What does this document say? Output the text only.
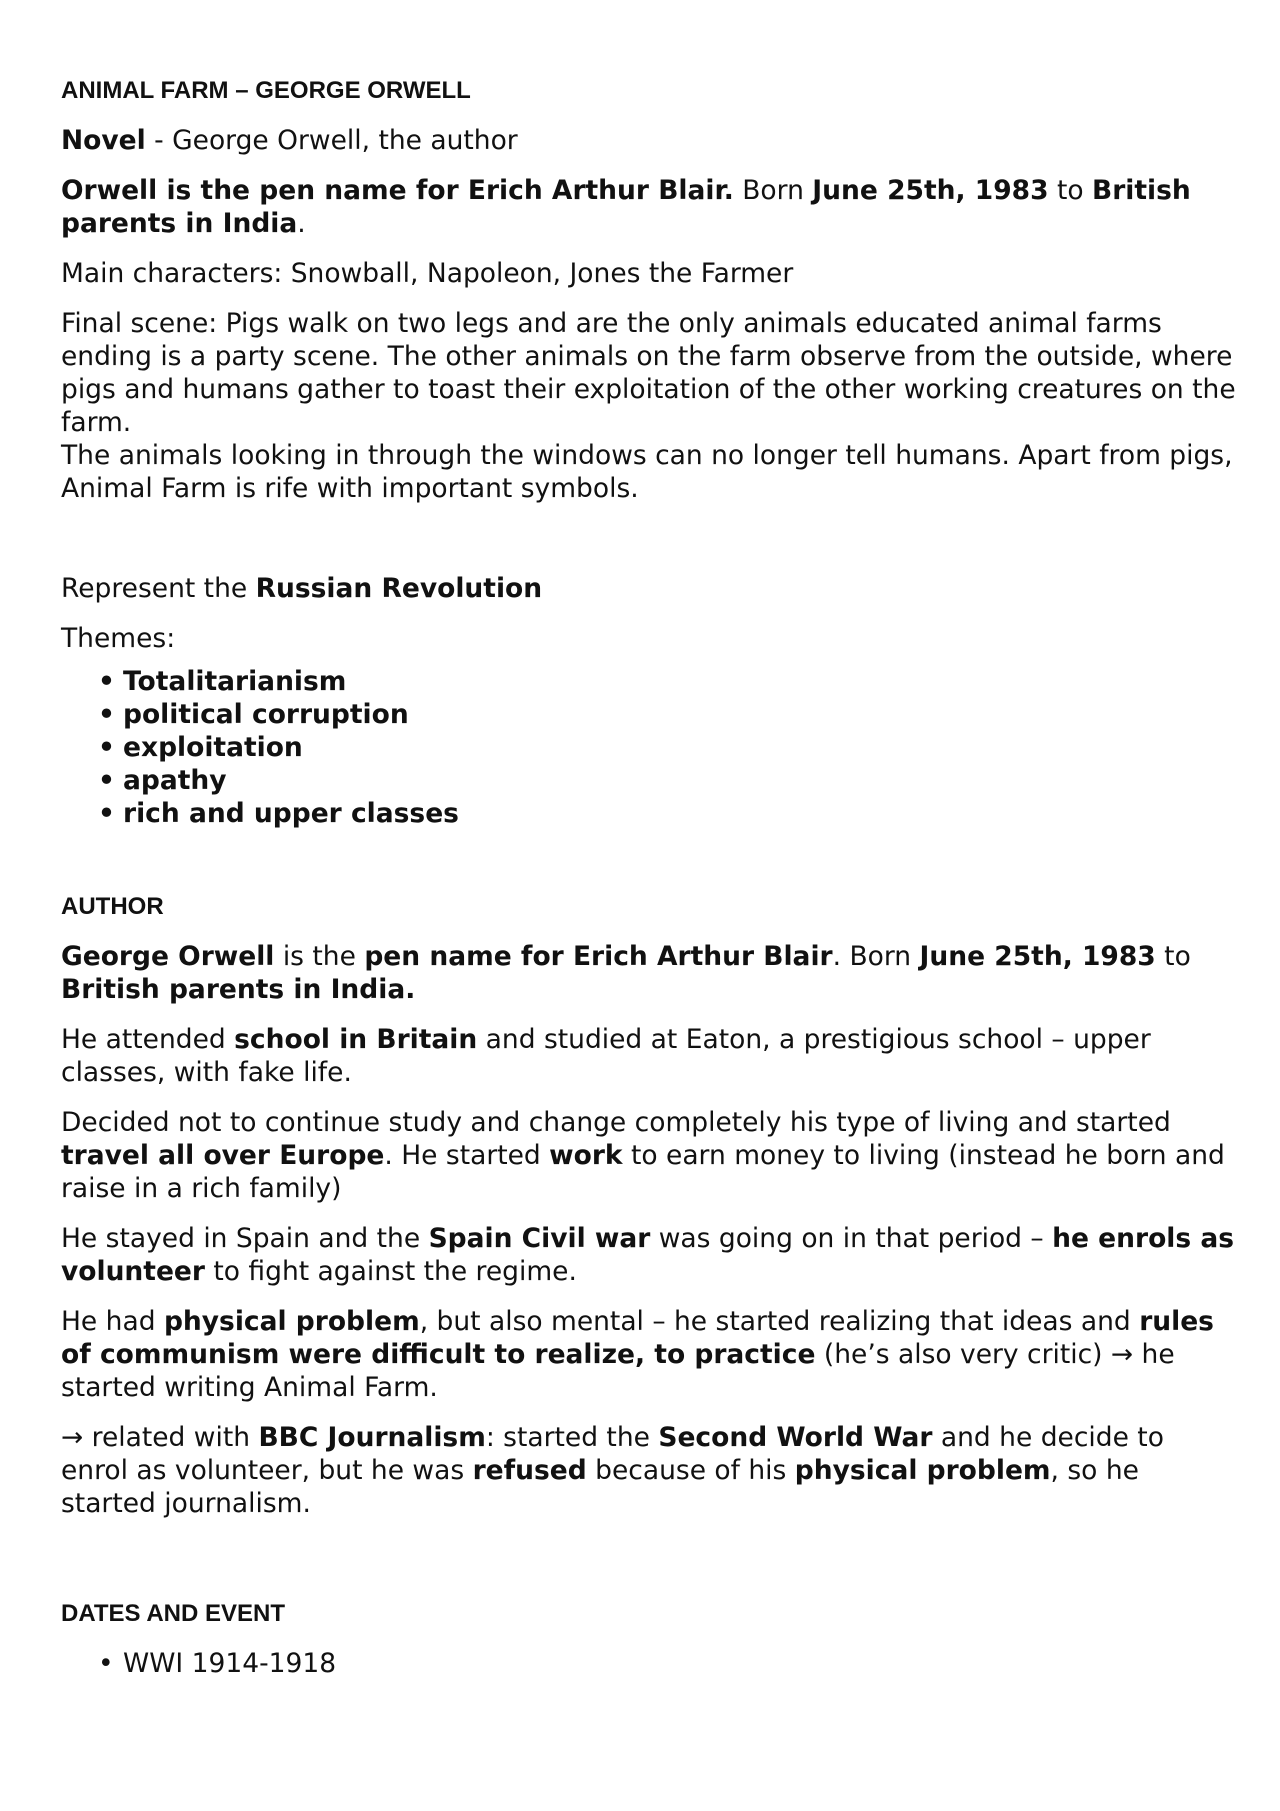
ANIMAL FARM – GEORGE ORWELL

Novel - George Orwell, the author

Orwell is the pen name for Erich Arthur Blair. Born June 25th, 1983 to British parents in India.

Main characters: Snowball, Napoleon, Jones the Farmer

Final scene: Pigs walk on two legs and are the only animals educated animal farms ending is a party scene. The other animals on the farm observe from the outside, where pigs and humans gather to toast their exploitation of the other working creatures on the farm.

The animals looking in through the windows can no longer tell humans. Apart from pigs, Animal Farm is rife with important symbols.

Represent the Russian Revolution

Themes:

• Totalitarianism
• political corruption
• exploitation
• apathy
• rich and upper classes
AUTHOR

George Orwell is the pen name for Erich Arthur Blair. Born June 25th, 1983 to
British parents in India.

He attended school in Britain and studied at Eaton, a prestigious school – upper classes, with fake life.

Decided not to continue study and change completely his type of living and started travel all over Europe. He started work to earn money to living (instead he born and raise in a rich family)

He stayed in Spain and the Spain Civil war was going on in that period – he enrols as volunteer to fight against the regime.

He had physical problem, but also mental – he started realizing that ideas and rules of communism were difficult to realize, to practice (he’s also very critic) → he started writing Animal Farm.

→ related with BBC Journalism: started the Second World War and he decide to enrol as volunteer, but he was refused because of his physical problem, so he started journalism.

DATES AND EVENT
• WWI 1914-1918
